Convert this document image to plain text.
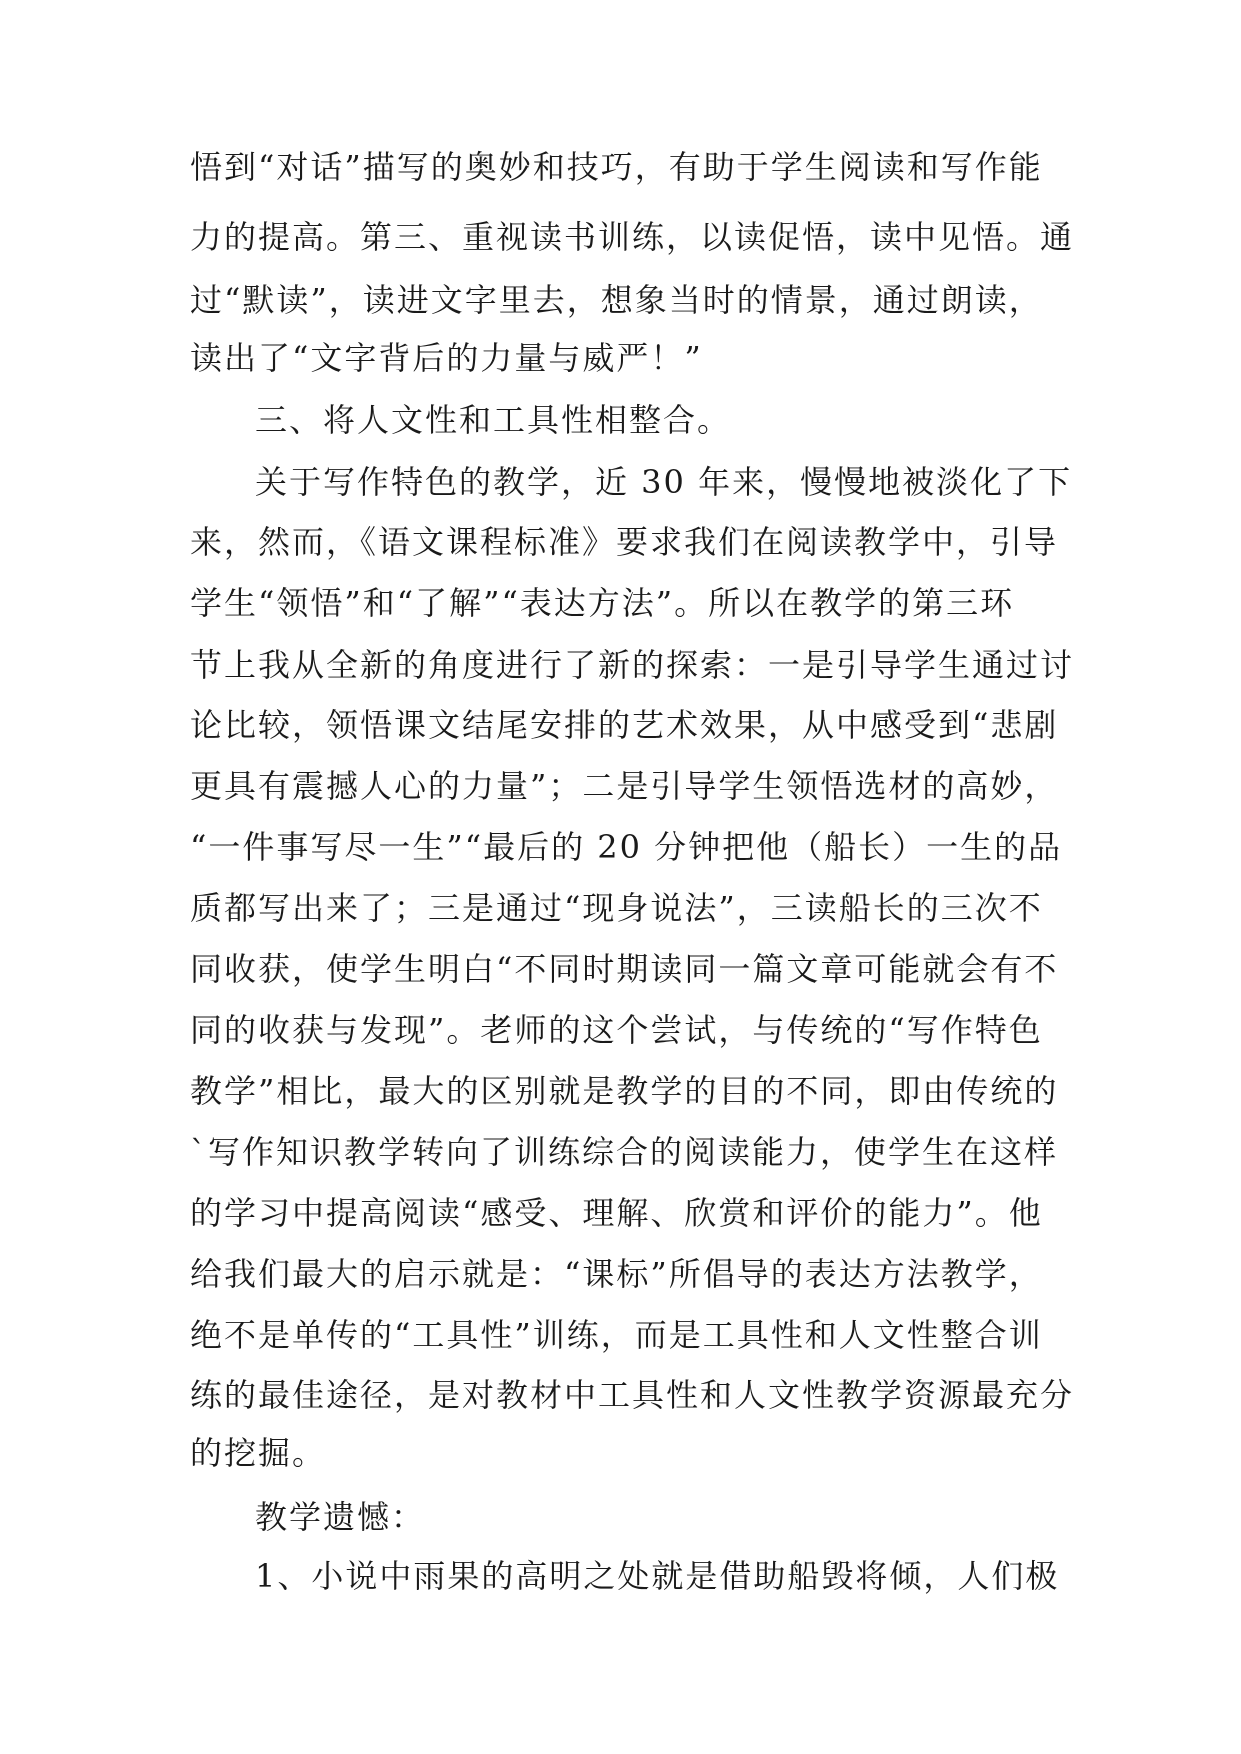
悟到“对话”描写的奥妙和技巧，有助于学生阅读和写作能
力的提高。第三、重视读书训练，以读促悟，读中见悟。通
过“默读”，读进文字里去，想象当时的情景，通过朗读，
读出了“文字背后的力量与威严！”
三、将人文性和工具性相整合。
关于写作特色的教学，近 30 年来，慢慢地被淡化了下
来，然而，《语文课程标准》要求我们在阅读教学中，引导
学生“领悟”和“了解”“表达方法”。所以在教学的第三环
节上我从全新的角度进行了新的探索：一是引导学生通过讨
论比较，领悟课文结尾安排的艺术效果，从中感受到“悲剧
更具有震撼人心的力量”；二是引导学生领悟选材的高妙，
“一件事写尽一生”“最后的 20 分钟把他（船长）一生的品
质都写出来了；三是通过“现身说法”，三读船长的三次不
同收获，使学生明白“不同时期读同一篇文章可能就会有不
同的收获与发现”。老师的这个尝试，与传统的“写作特色
教学”相比，最大的区别就是教学的目的不同，即由传统的
`写作知识教学转向了训练综合的阅读能力，使学生在这样
的学习中提高阅读“感受、理解、欣赏和评价的能力”。他
给我们最大的启示就是：“课标”所倡导的表达方法教学，
绝不是单传的“工具性”训练，而是工具性和人文性整合训
练的最佳途径，是对教材中工具性和人文性教学资源最充分
的挖掘。
教学遗憾：
1、小说中雨果的高明之处就是借助船毁将倾，人们极
